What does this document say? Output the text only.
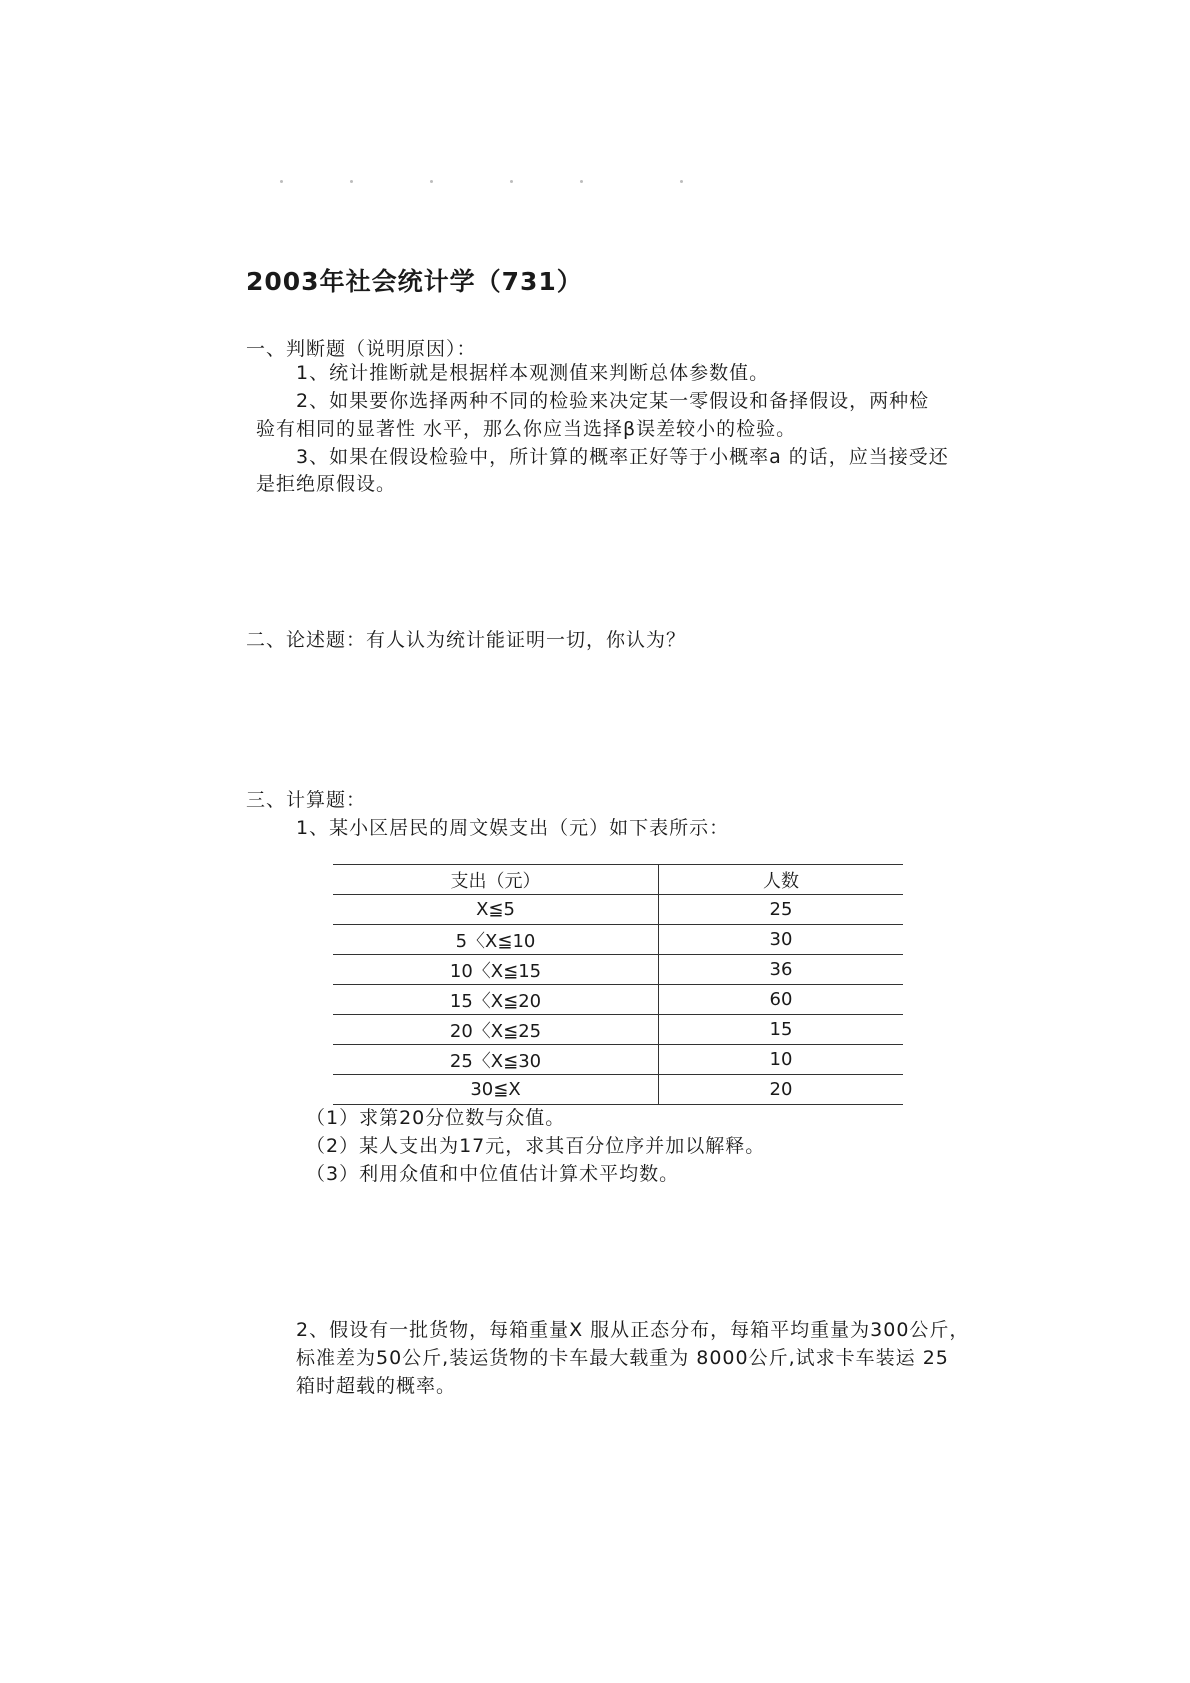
2003年社会统计学（731）
一、判断题（说明原因）：
1、统计推断就是根据样本观测值来判断总体参数值。
2、如果要你选择两种不同的检验来决定某一零假设和备择假设，两种检
验有相同的显著性 水平，那么你应当选择β误差较小的检验。
3、如果在假设检验中，所计算的概率正好等于小概率a 的话，应当接受还
是拒绝原假设。
二、论述题：有人认为统计能证明一切，你认为？
三、计算题：
1、某小区居民的周文娱支出（元）如下表所示：
支出（元）	人数
X≦5	25
5〈X≦10	30
10〈X≦15	36
15〈X≦20	60
20〈X≦25	15
25〈X≦30	10
30≦X	20
（1）求第20分位数与众值。
（2）某人支出为17元，求其百分位序并加以解释。
（3）利用众值和中位值估计算术平均数。
2、假设有一批货物，每箱重量X 服从正态分布，每箱平均重量为300公斤，
标准差为50公斤,装运货物的卡车最大载重为 8000公斤,试求卡车装运 25
箱时超载的概率。
